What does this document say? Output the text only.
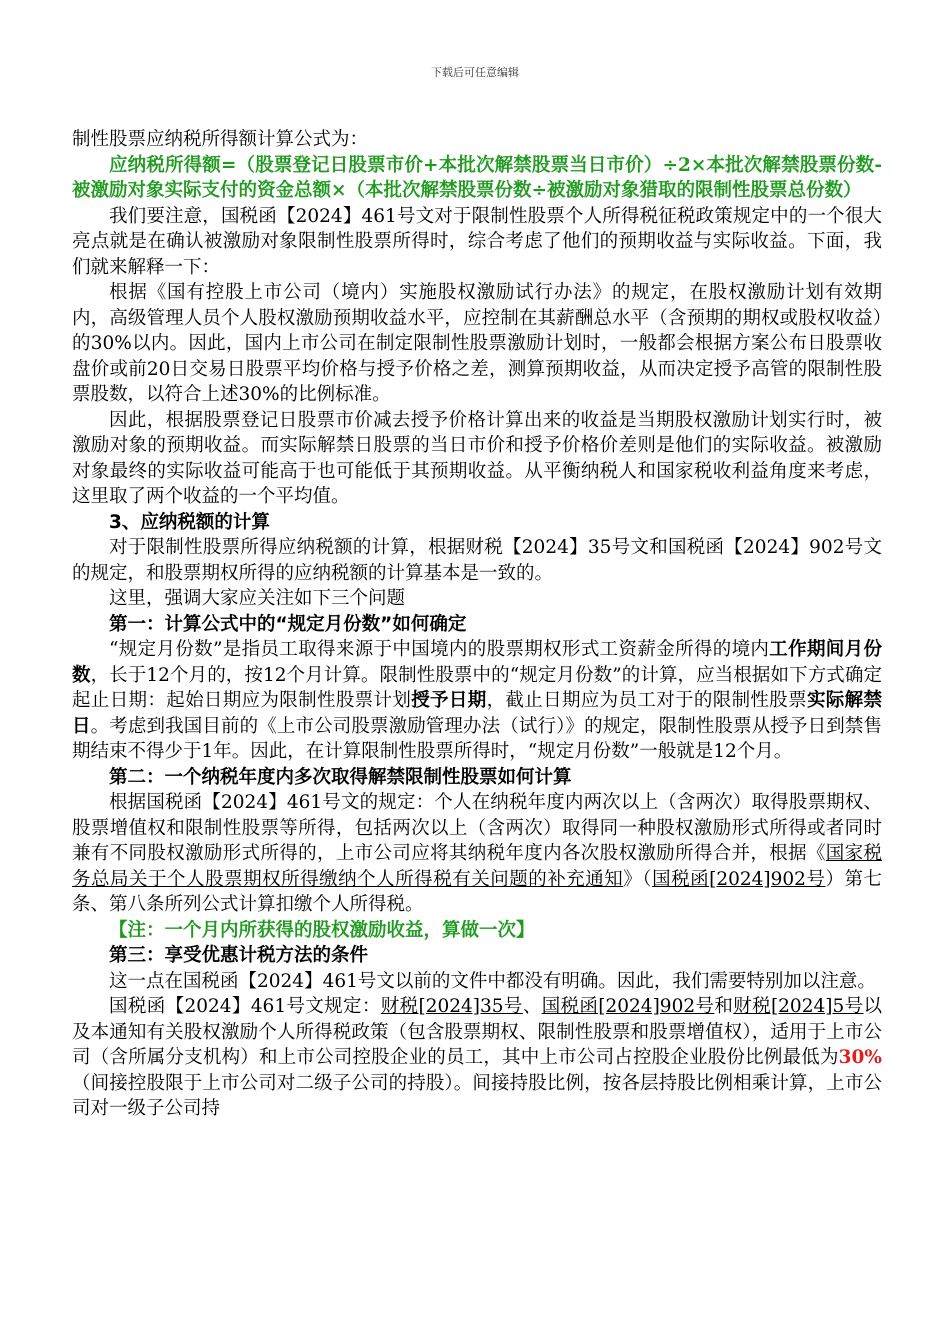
下载后可任意编辑

制性股票应纳税所得额计算公式为：

应纳税所得额=（股票登记日股票市价+本批次解禁股票当日市价）÷2×本批次解禁股票份数-被激励对象实际支付的资金总额×（本批次解禁股票份数÷被激励对象猎取的限制性股票总份数）

我们要注意，国税函【2024】461号文对于限制性股票个人所得税征税政策规定中的一个很大亮点就是在确认被激励对象限制性股票所得时，综合考虑了他们的预期收益与实际收益。下面，我们就来解释一下：

根据《国有控股上市公司（境内）实施股权激励试行办法》的规定，在股权激励计划有效期内，高级管理人员个人股权激励预期收益水平，应控制在其薪酬总水平（含预期的期权或股权收益）的30%以内。因此，国内上市公司在制定限制性股票激励计划时，一般都会根据方案公布日股票收盘价或前20日交易日股票平均价格与授予价格之差，测算预期收益，从而决定授予高管的限制性股票股数，以符合上述30%的比例标准。

因此，根据股票登记日股票市价减去授予价格计算出来的收益是当期股权激励计划实行时，被激励对象的预期收益。而实际解禁日股票的当日市价和授予价格价差则是他们的实际收益。被激励对象最终的实际收益可能高于也可能低于其预期收益。从平衡纳税人和国家税收利益角度来考虑，这里取了两个收益的一个平均值。

3、应纳税额的计算

对于限制性股票所得应纳税额的计算，根据财税【2024】35号文和国税函【2024】902号文的规定，和股票期权所得的应纳税额的计算基本是一致的。

这里，强调大家应关注如下三个问题

第一：计算公式中的“规定月份数”如何确定

“规定月份数”是指员工取得来源于中国境内的股票期权形式工资薪金所得的境内工作期间月份数，长于12个月的，按12个月计算。限制性股票中的“规定月份数”的计算，应当根据如下方式确定起止日期：起始日期应为限制性股票计划授予日期，截止日期应为员工对于的限制性股票实际解禁日。考虑到我国目前的《上市公司股票激励管理办法（试行）》的规定，限制性股票从授予日到禁售期结束不得少于1年。因此，在计算限制性股票所得时，“规定月份数”一般就是12个月。

第二：一个纳税年度内多次取得解禁限制性股票如何计算

根据国税函【2024】461号文的规定：个人在纳税年度内两次以上（含两次）取得股票期权、股票增值权和限制性股票等所得，包括两次以上（含两次）取得同一种股权激励形式所得或者同时兼有不同股权激励形式所得的，上市公司应将其纳税年度内各次股权激励所得合并，根据《国家税务总局关于个人股票期权所得缴纳个人所得税有关问题的补充通知》（国税函[2024]902号）第七条、第八条所列公式计算扣缴个人所得税。

【注：一个月内所获得的股权激励收益，算做一次】

第三：享受优惠计税方法的条件

这一点在国税函【2024】461号文以前的文件中都没有明确。因此，我们需要特别加以注意。

国税函【2024】461号文规定：财税[2024]35号、国税函[2024]902号和财税[2024]5号以及本通知有关股权激励个人所得税政策（包含股票期权、限制性股票和股票增值权），适用于上市公司（含所属分支机构）和上市公司控股企业的员工，其中上市公司占控股企业股份比例最低为30%（间接控股限于上市公司对二级子公司的持股）。间接持股比例，按各层持股比例相乘计算，上市公司对一级子公司持
